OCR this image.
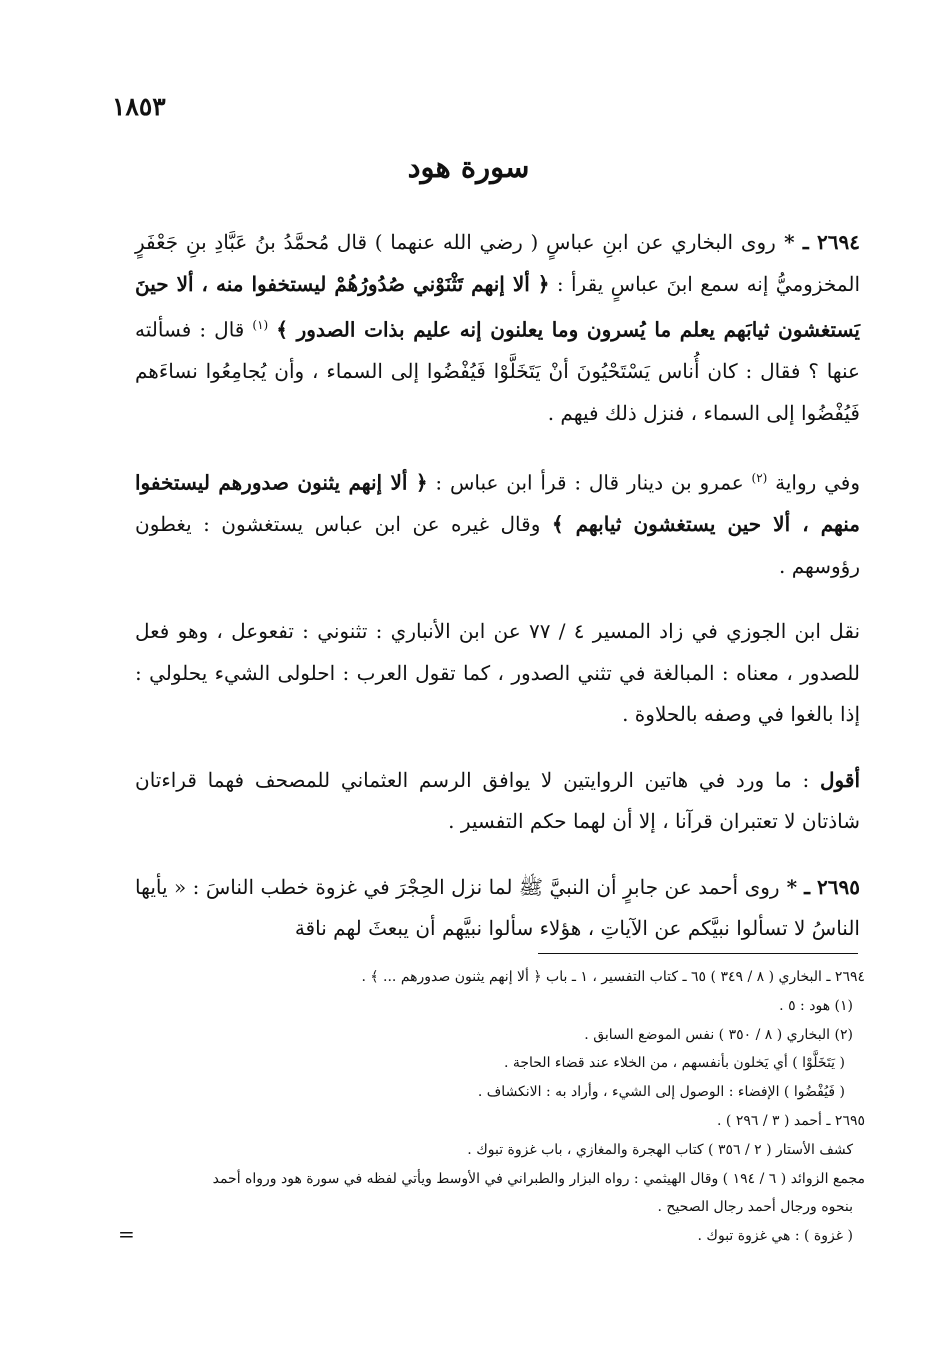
١٨٥٣
سورة هود

٢٦٩٤ ـ * روى البخاري عن ابنِ عباسٍ ( رضي الله عنهما ) قال مُحمَّدُ بنُ عَبَّادِ بنِ جَعْفَرٍ المخزوميُّ إنه سمع ابنَ عباسٍ يقرأ : ﴿ ألا إنهم تَثْنَوْني صُدُورُهُمْ ليستخفوا منه ، ألا حينَ يَستغشون ثيابَهم يعلم ما يُسرون وما يعلنون إنه عليم بذات الصدور ﴾ $^{(١)}$ قال : فسألته عنها ؟ فقال : كان أُناس يَسْتَحْيُونَ أنْ يَتَخَلَّوْا فَيُفْضُوا إلى السماء ، وأن يُجامِعُوا نساءَهم فَيُفْضُوا إلى السماء ، فنزل ذلك فيهم .

وفي رواية $^{(٢)}$ عمرو بن دينار قال : قرأ ابن عباس : ﴿ ألا إنهم يثنون صدورهم ليستخفوا منهم ، ألا حين يستغشون ثيابهم ﴾ وقال غيره عن ابن عباس يستغشون : يغطون رؤوسهم .

نقل ابن الجوزي في زاد المسير ٤ / ٧٧ عن ابن الأنباري : تثنوني : تفعوعل ، وهو فعل للصدور ، معناه : المبالغة في تثني الصدور ، كما تقول العرب : احلولى الشيء يحلولي : إذا بالغوا في وصفه بالحلاوة .

أقول : ما ورد في هاتين الروايتين لا يوافق الرسم العثماني للمصحف فهما قراءتان شاذتان لا تعتبران قرآنا ، إلا أن لهما حكم التفسير .

٢٦٩٥ ـ * روى أحمد عن جابرٍ أن النبيَّ ﷺ لما نزل الحِجْرَ في غزوة خطب الناسَ : « يأيها الناسُ لا تسألوا نبيَّكم عن الآياتِ ، هؤلاء سألوا نبيَّهم أن يبعثَ لهم ناقة

٢٦٩٤ ـ البخاري ( ٨ / ٣٤٩ ) ٦٥ ـ كتاب التفسير ، ١ ـ باب ﴿ ألا إنهم يثنون صدورهم ... ﴾ .

(١) هود : ٥ .

(٢) البخاري ( ٨ / ٣٥٠ ) نفس الموضع السابق .

( يَتَخَلَّوْا ) أي يَخلون بأنفسهم ، من الخلاء عند قضاء الحاجة .

( فَيُفْضُوا ) الإفضاء : الوصول إلى الشيء ، وأراد به : الانكشاف .

٢٦٩٥ ـ أحمد ( ٣ / ٢٩٦ ) .

كشف الأستار ( ٢ / ٣٥٦ ) كتاب الهجرة والمغازي ، باب غزوة تبوك .

مجمع الزوائد ( ٦ / ١٩٤ ) وقال الهيثمي : رواه البزار والطبراني في الأوسط ويأتي لفظه في سورة هود ورواه أحمد

بنحوه ورجال أحمد رجال الصحيح .

( غزوة ) : هي غزوة تبوك .

=
